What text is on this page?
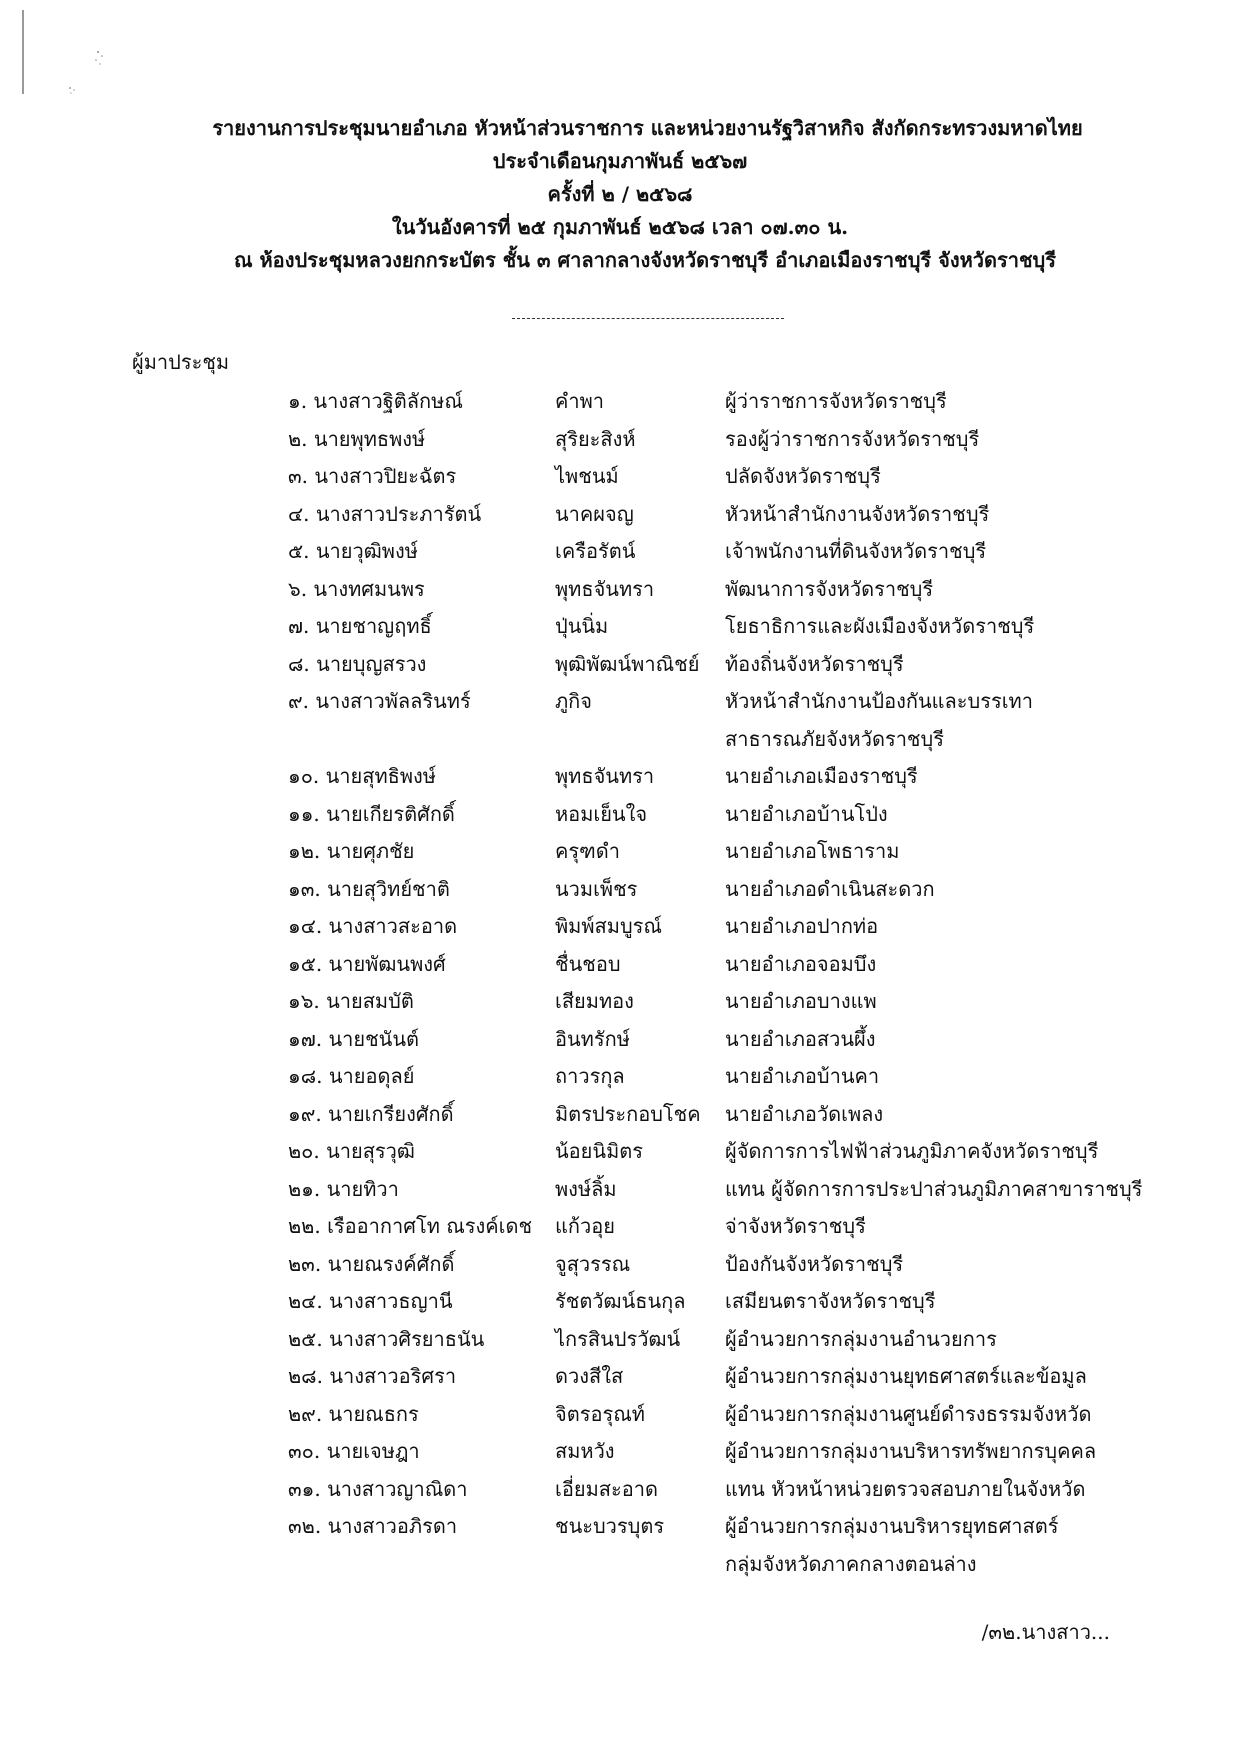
รายงานการประชุมนายอำเภอ หัวหน้าส่วนราชการ และหน่วยงานรัฐวิสาหกิจ สังกัดกระทรวงมหาดไทย
ประจำเดือนกุมภาพันธ์ ๒๕๖๗
ครั้งที่ ๒ / ๒๕๖๘
ในวันอังคารที่ ๒๕ กุมภาพันธ์ ๒๕๖๘ เวลา ๐๗.๓๐ น.
ณ ห้องประชุมหลวงยกกระบัตร ชั้น ๓ ศาลากลางจังหวัดราชบุรี อำเภอเมืองราชบุรี จังหวัดราชบุรี
ผู้มาประชุม
๑. นางสาวฐิติลักษณ์	คำพา	ผู้ว่าราชการจังหวัดราชบุรี
๒. นายพุทธพงษ์	สุริยะสิงห์	รองผู้ว่าราชการจังหวัดราชบุรี
๓. นางสาวปิยะฉัตร	ไพชนม์	ปลัดจังหวัดราชบุรี
๔. นางสาวประภารัตน์	นาคผจญ	หัวหน้าสำนักงานจังหวัดราชบุรี
๕. นายวุฒิพงษ์	เครือรัตน์	เจ้าพนักงานที่ดินจังหวัดราชบุรี
๖. นางทศมนพร	พุทธจันทรา	พัฒนาการจังหวัดราชบุรี
๗. นายชาญฤทธิ์	ปุ่นนิ่ม	โยธาธิการและผังเมืองจังหวัดราชบุรี
๘. นายบุญสรวง	พุฒิพัฒน์พาณิชย์ ท้องถิ่นจังหวัดราชบุรี
๙. นางสาวพัลลรินทร์	ภูกิจ	หัวหน้าสำนักงานป้องกันและบรรเทา
สาธารณภัยจังหวัดราชบุรี
๑๐. นายสุทธิพงษ์	พุทธจันทรา	นายอำเภอเมืองราชบุรี
๑๑. นายเกียรติศักดิ์	หอมเย็นใจ	นายอำเภอบ้านโป่ง
๑๒. นายศุภชัย	ครุฑดำ	นายอำเภอโพธาราม
๑๓. นายสุวิทย์ชาติ	นวมเพ็ชร	นายอำเภอดำเนินสะดวก
๑๔. นางสาวสะอาด	พิมพ์สมบูรณ์	นายอำเภอปากท่อ
๑๕. นายพัฒนพงศ์	ชื่นชอบ	นายอำเภอจอมบึง
๑๖. นายสมบัติ	เสียมทอง	นายอำเภอบางแพ
๑๗. นายชนันต์	อินทรักษ์	นายอำเภอสวนผึ้ง
๑๘. นายอดุลย์	ถาวรกุล	นายอำเภอบ้านคา
๑๙. นายเกรียงศักดิ์	มิตรประกอบโชค นายอำเภอวัดเพลง
๒๐. นายสุรวุฒิ	น้อยนิมิตร	ผู้จัดการการไฟฟ้าส่วนภูมิภาคจังหวัดราชบุรี
๒๑. นายทิวา	พงษ์ลิ้ม	แทน ผู้จัดการการประปาส่วนภูมิภาคสาขาราชบุรี
๒๒. เรืออากาศโท ณรงค์เดช แก้วอุย	จ่าจังหวัดราชบุรี
๒๓. นายณรงค์ศักดิ์	จูสุวรรณ	ป้องกันจังหวัดราชบุรี
๒๔. นางสาวธญานี	รัชตวัฒน์ธนกุล เสมียนตราจังหวัดราชบุรี
๒๕. นางสาวศิรยาธนัน	ไกรสินปรวัฒน์ ผู้อำนวยการกลุ่มงานอำนวยการ
๒๘. นางสาวอริศรา	ดวงสีใส	ผู้อำนวยการกลุ่มงานยุทธศาสตร์และข้อมูล
๒๙. นายณธกร	จิตรอรุณท์	ผู้อำนวยการกลุ่มงานศูนย์ดำรงธรรมจังหวัด
๓๐. นายเจษฎา	สมหวัง	ผู้อำนวยการกลุ่มงานบริหารทรัพยากรบุคคล
๓๑. นางสาวญาณิดา	เอี่ยมสะอาด	แทน หัวหน้าหน่วยตรวจสอบภายในจังหวัด
๓๒. นางสาวอภิรดา	ชนะบวรบุตร	ผู้อำนวยการกลุ่มงานบริหารยุทธศาสตร์
กลุ่มจังหวัดภาคกลางตอนล่าง
/๓๒.นางสาว...
